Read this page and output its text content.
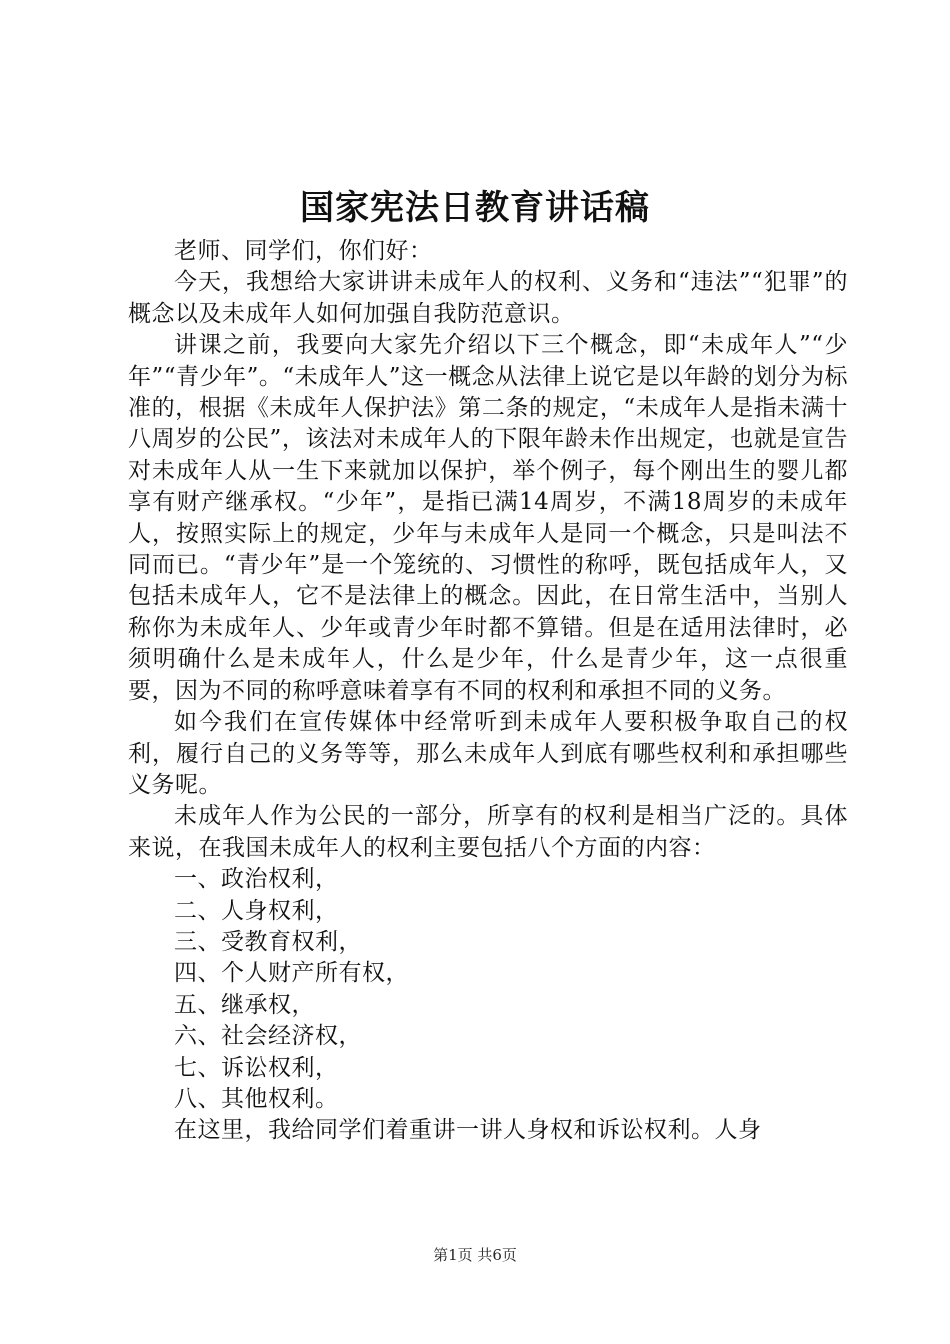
国家宪法日教育讲话稿

老师、同学们，你们好：

今天，我想给大家讲讲未成年人的权利、义务和“违法”“犯罪”的概念以及未成年人如何加强自我防范意识。

讲课之前，我要向大家先介绍以下三个概念，即“未成年人”“少年”“青少年”。“未成年人”这一概念从法律上说它是以年龄的划分为标准的，根据《未成年人保护法》第二条的规定，“未成年人是指未满十八周岁的公民”，该法对未成年人的下限年龄未作出规定，也就是宣告对未成年人从一生下来就加以保护，举个例子，每个刚出生的婴儿都享有财产继承权。“少年”，是指已满14周岁，不满18周岁的未成年人，按照实际上的规定，少年与未成年人是同一个概念，只是叫法不同而已。“青少年”是一个笼统的、习惯性的称呼，既包括成年人，又包括未成年人，它不是法律上的概念。因此，在日常生活中，当别人称你为未成年人、少年或青少年时都不算错。但是在适用法律时，必须明确什么是未成年人，什么是少年，什么是青少年，这一点很重要，因为不同的称呼意味着享有不同的权利和承担不同的义务。

如今我们在宣传媒体中经常听到未成年人要积极争取自己的权利，履行自己的义务等等，那么未成年人到底有哪些权利和承担哪些义务呢。

未成年人作为公民的一部分，所享有的权利是相当广泛的。具体来说，在我国未成年人的权利主要包括八个方面的内容：

一、政治权利，

二、人身权利，

三、受教育权利，

四、个人财产所有权，

五、继承权，

六、社会经济权，

七、诉讼权利，

八、其他权利。

在这里，我给同学们着重讲一讲人身权和诉讼权利。人身

第1页 共6页
